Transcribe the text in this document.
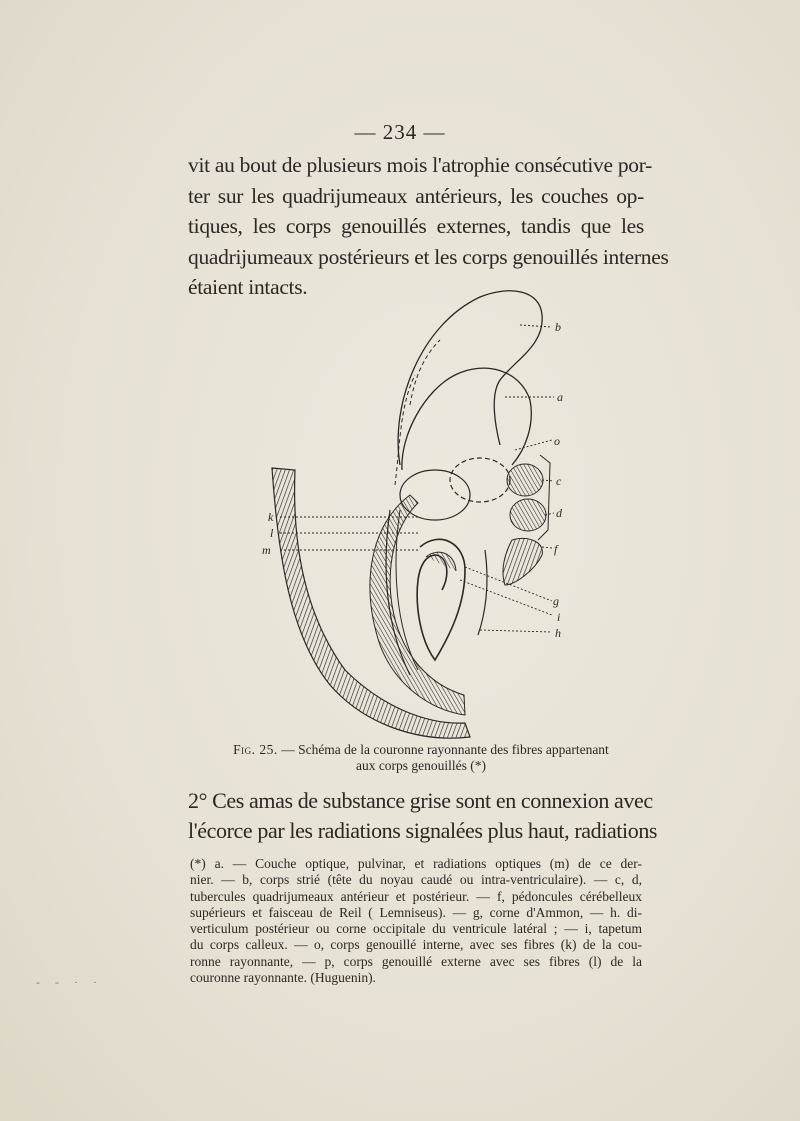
— 234 —

vit au bout de plusieurs mois l'atrophie consécutive por-
ter sur les quadrijumeaux antérieurs, les couches op-
tiques, les corps genouillés externes, tandis que les
quadrijumeaux postérieurs et les corps genouillés internes
étaient intacts.

b
a
o
c
d
f
g
i
h
k
l
m

Fig. 25. — Schéma de la couronne rayonnante des fibres appartenant
aux corps genouillés (*)

2° Ces amas de substance grise sont en connexion avec
l'écorce par les radiations signalées plus haut, radiations

(*) a. — Couche optique, pulvinar, et radiations optiques (m) de ce der-
nier. — b, corps strié (tête du noyau caudé ou intra-ventriculaire). — c, d,
tubercules quadrijumeaux antérieur et postérieur. — f, pédoncules cérébelleux
supérieurs et faisceau de Reil ( Lemniseus). — g, corne d'Ammon, — h. di-
verticulum postérieur ou corne occipitale du ventricule latéral ; — i, tapetum
du corps calleux. — o, corps genouillé interne, avec ses fibres (k) de la cou-
ronne rayonnante, — p, corps genouillé externe avec ses fibres (l) de la
couronne rayonnante. (Huguenin).

- - · ·
